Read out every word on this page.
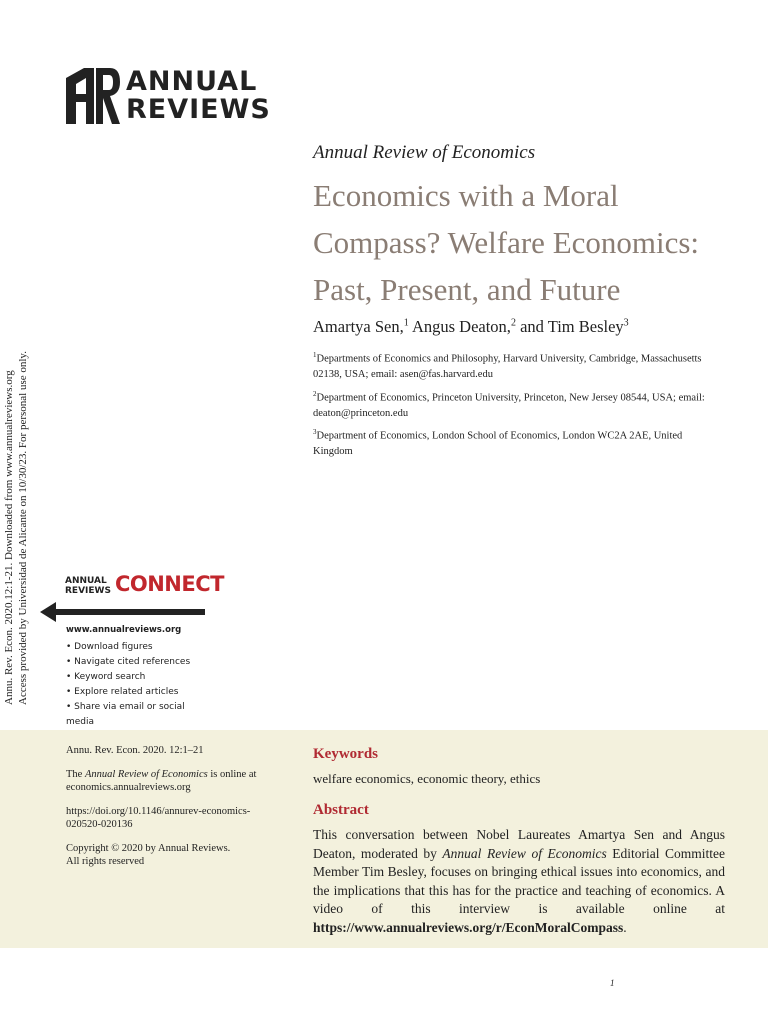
ANNUAL
REVIEWS
Annual Review of Economics
Economics with a Moral Compass? Welfare Economics: Past, Present, and Future
Amartya Sen,$^1$ Angus Deaton,$^2$ and Tim Besley$^3$
$^1$Departments of Economics and Philosophy, Harvard University, Cambridge, Massachusetts 02138, USA; email: asen@fas.harvard.edu
$^2$Department of Economics, Princeton University, Princeton, New Jersey 08544, USA; email: deaton@princeton.edu
$^3$Department of Economics, London School of Economics, London WC2A 2AE, United Kingdom
Annu. Rev. Econ. 2020.12:1-21. Downloaded from www.annualreviews.org Access provided by Universidad de Alicante on 10/30/23. For personal use only.	ANNUAL
REVIEWS CONNECT
www.annualreviews.org
• Download figures
• Navigate cited references
• Keyword search
• Explore related articles
• Share via email or social media

Annu. Rev. Econ. 2020. 12:1–21

The Annual Review of Economics is online at economics.annualreviews.org

https://doi.org/10.1146/annurev-economics-020520-020136

Copyright © 2020 by Annual Reviews.
All rights reserved

Keywords
welfare economics, economic theory, ethics
Abstract
This conversation between Nobel Laureates Amartya Sen and Angus Deaton, moderated by Annual Review of Economics Editorial Committee Member Tim Besley, focuses on bringing ethical issues into economics, and the implications that this has for the practice and teaching of economics. A video of this interview is available online at https://www.annualreviews.org/r/EconMoralCompass.
1
